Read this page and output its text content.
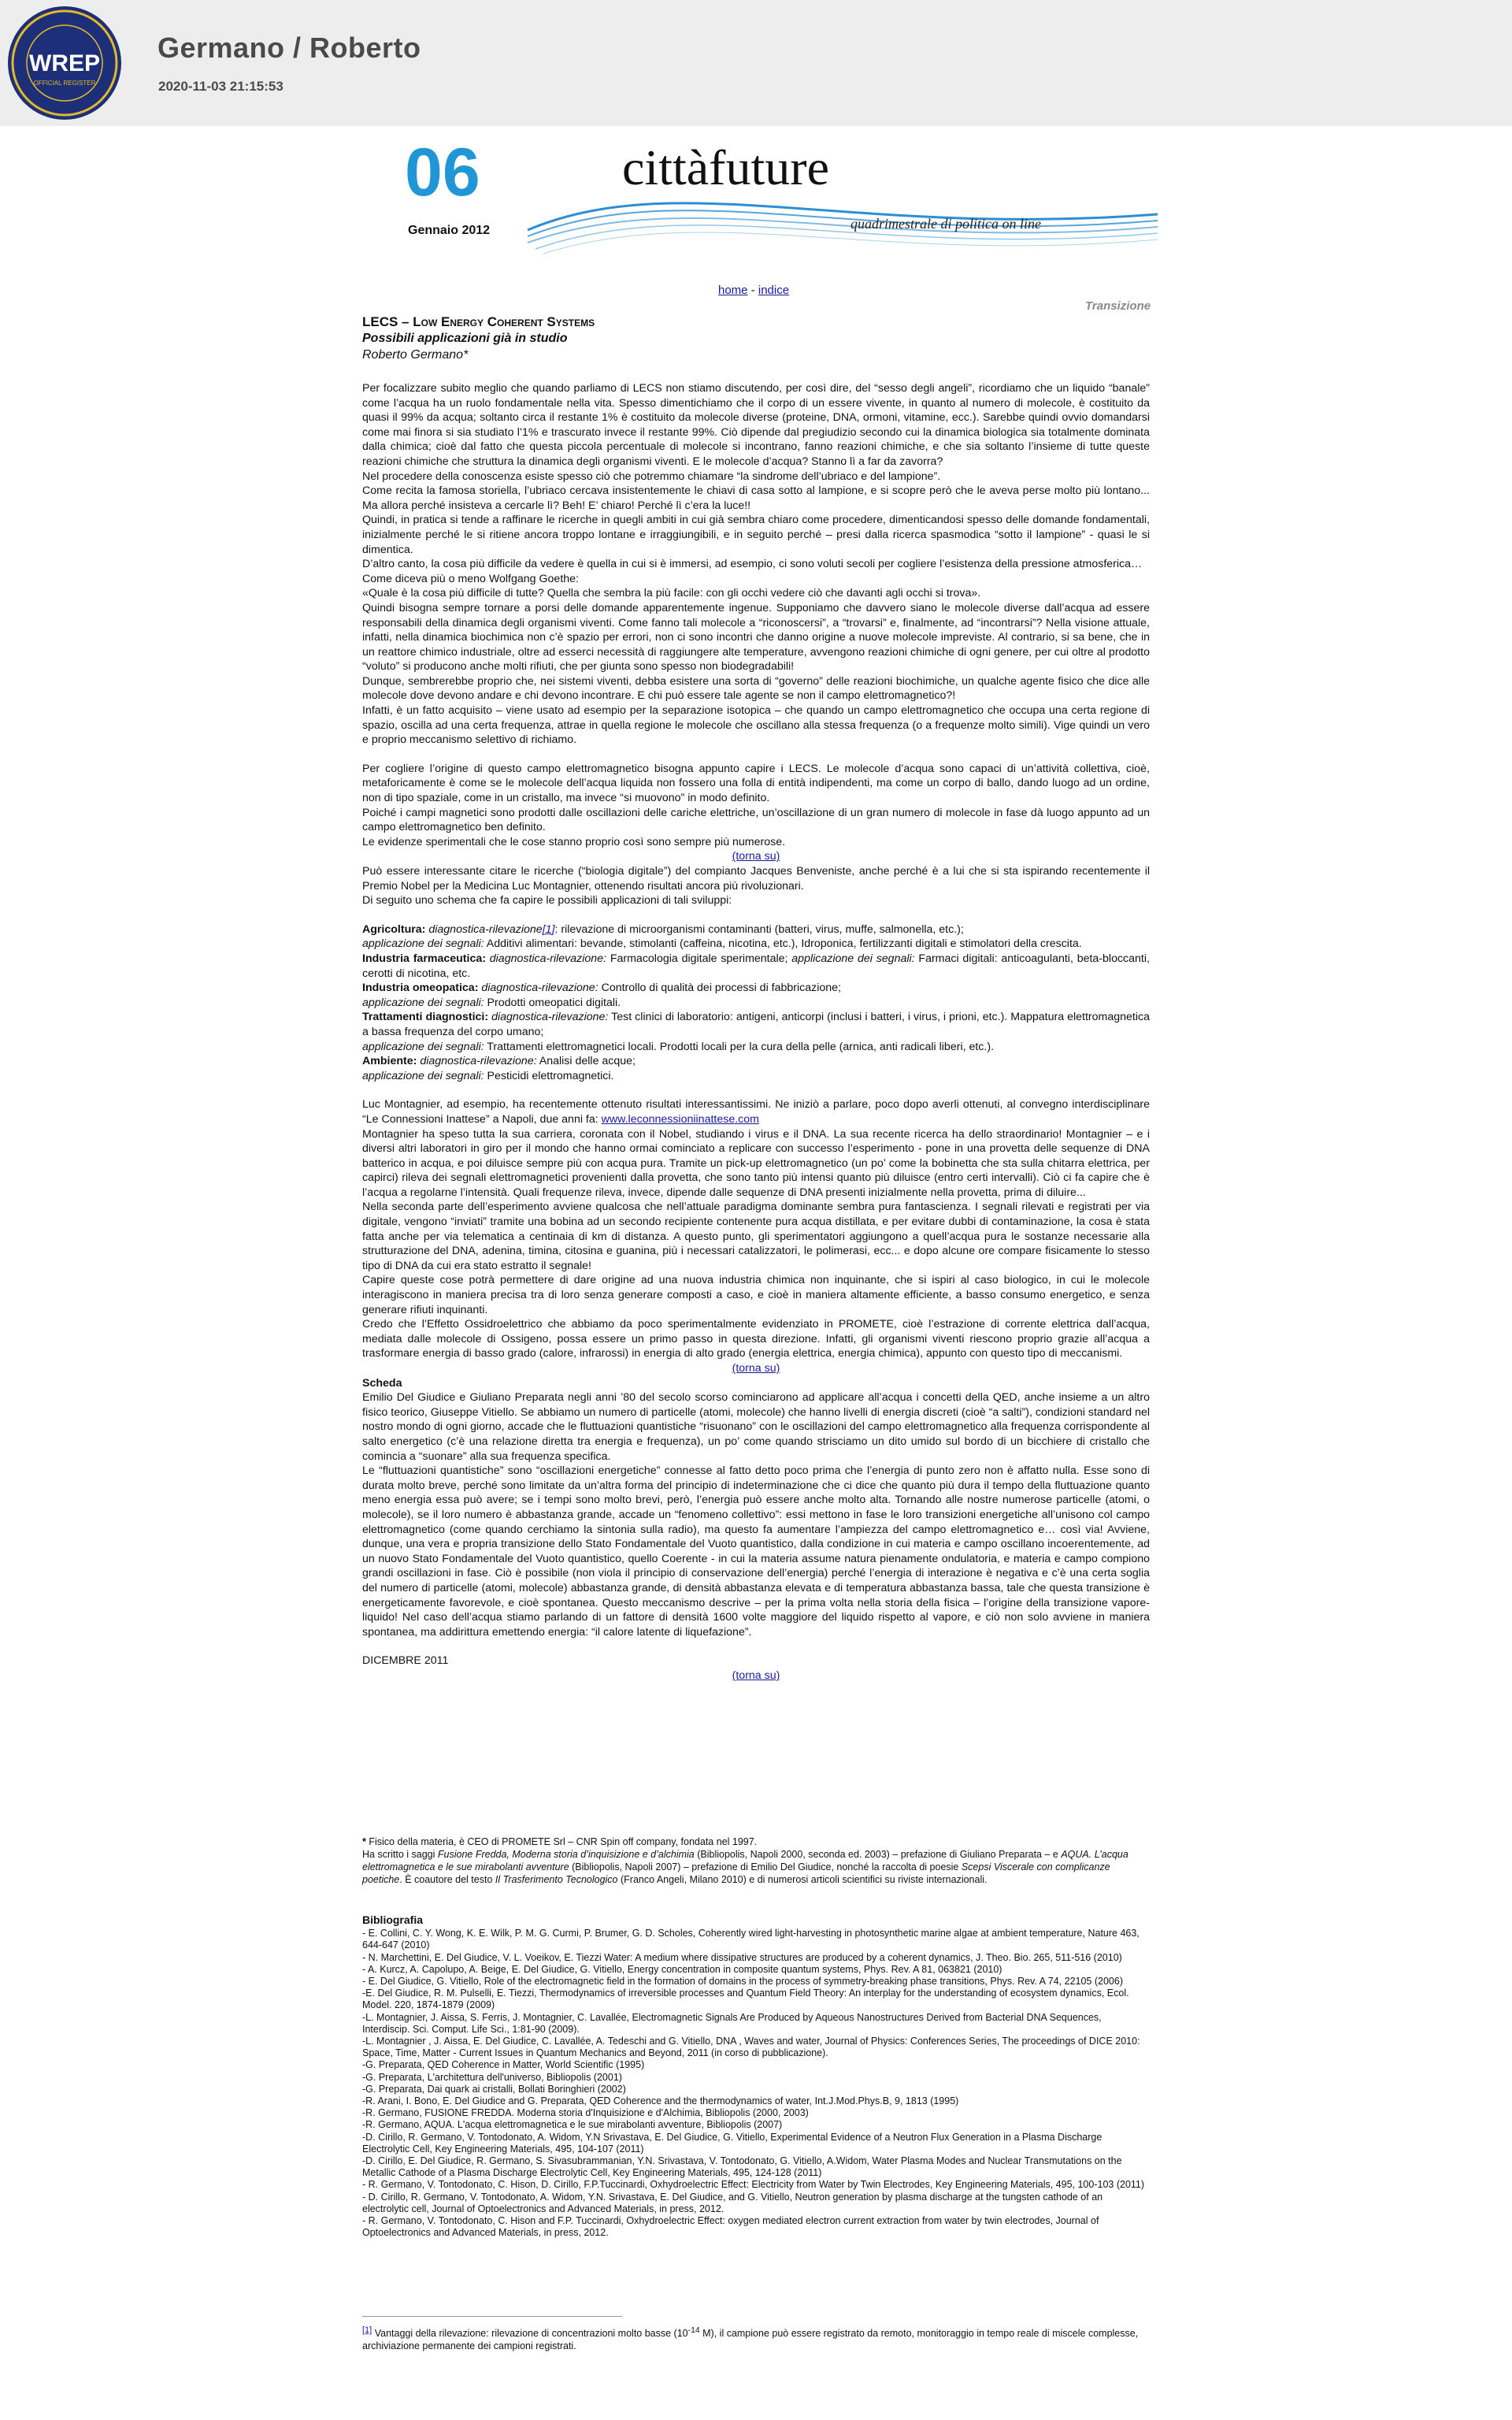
WREP
OFFICIAL REGISTER
Germano / Roberto
2020-11-03 21:15:53
06
Gennaio 2012
cittàfuture
quadrimestrale di politica on line
home - indice
Transizione
LECS – Low Energy Coherent Systems
Possibili applicazioni già in studio
Roberto Germano*

Per focalizzare subito meglio che quando parliamo di LECS non stiamo discutendo, per così dire, del “sesso degli angeli”, ricordiamo che un liquido “banale” come l’acqua ha un ruolo fondamentale nella vita. Spesso dimentichiamo che il corpo di un essere vivente, in quanto al numero di molecole, è costituito da quasi il 99% da acqua; soltanto circa il restante 1% è costituito da molecole diverse (proteine, DNA, ormoni, vitamine, ecc.). Sarebbe quindi ovvio domandarsi come mai finora si sia studiato l’1% e trascurato invece il restante 99%. Ciò dipende dal pregiudizio secondo cui la dinamica biologica sia totalmente dominata dalla chimica; cioè dal fatto che questa piccola percentuale di molecole si incontrano, fanno reazioni chimiche, e che sia soltanto l’insieme di tutte queste reazioni chimiche che struttura la dinamica degli organismi viventi. E le molecole d’acqua? Stanno lì a far da zavorra?

Nel procedere della conoscenza esiste spesso ciò che potremmo chiamare “la sindrome dell’ubriaco e del lampione”.

Come recita la famosa storiella, l’ubriaco cercava insistentemente le chiavi di casa sotto al lampione, e si scopre però che le aveva perse molto più lontano... Ma allora perché insisteva a cercarle lì? Beh! E’ chiaro! Perché lì c’era la luce!!

Quindi, in pratica si tende a raffinare le ricerche in quegli ambiti in cui già sembra chiaro come procedere, dimenticandosi spesso delle domande fondamentali, inizialmente perché le si ritiene ancora troppo lontane e irraggiungibili, e in seguito perché – presi dalla ricerca spasmodica “sotto il lampione” - quasi le si dimentica.

D’altro canto, la cosa più difficile da vedere è quella in cui si è immersi, ad esempio, ci sono voluti secoli per cogliere l’esistenza della pressione atmosferica…

Come diceva più o meno Wolfgang Goethe:

«Quale è la cosa più difficile di tutte? Quella che sembra la più facile: con gli occhi vedere ciò che davanti agli occhi si trova».

Quindi bisogna sempre tornare a porsi delle domande apparentemente ingenue. Supponiamo che davvero siano le molecole diverse dall’acqua ad essere responsabili della dinamica degli organismi viventi. Come fanno tali molecole a “riconoscersi”, a “trovarsi” e, finalmente, ad “incontrarsi”? Nella visione attuale, infatti, nella dinamica biochimica non c’è spazio per errori, non ci sono incontri che danno origine a nuove molecole impreviste. Al contrario, si sa bene, che in un reattore chimico industriale, oltre ad esserci necessità di raggiungere alte temperature, avvengono reazioni chimiche di ogni genere, per cui oltre al prodotto “voluto” si producono anche molti rifiuti, che per giunta sono spesso non biodegradabili!

Dunque, sembrerebbe proprio che, nei sistemi viventi, debba esistere una sorta di “governo” delle reazioni biochimiche, un qualche agente fisico che dice alle molecole dove devono andare e chi devono incontrare. E chi può essere tale agente se non il campo elettromagnetico?!

Infatti, è un fatto acquisito – viene usato ad esempio per la separazione isotopica – che quando un campo elettromagnetico che occupa una certa regione di spazio, oscilla ad una certa frequenza, attrae in quella regione le molecole che oscillano alla stessa frequenza (o a frequenze molto simili). Vige quindi un vero e proprio meccanismo selettivo di richiamo.

Per cogliere l’origine di questo campo elettromagnetico bisogna appunto capire i LECS. Le molecole d’acqua sono capaci di un’attività collettiva, cioè, metaforicamente è come se le molecole dell’acqua liquida non fossero una folla di entità indipendenti, ma come un corpo di ballo, dando luogo ad un ordine, non di tipo spaziale, come in un cristallo, ma invece “si muovono” in modo definito.

Poiché i campi magnetici sono prodotti dalle oscillazioni delle cariche elettriche, un’oscillazione di un gran numero di molecole in fase dà luogo appunto ad un campo elettromagnetico ben definito.

Le evidenze sperimentali che le cose stanno proprio così sono sempre più numerose.

(torna su)

Può essere interessante citare le ricerche (“biologia digitale”) del compianto Jacques Benveniste, anche perché è a lui che si sta ispirando recentemente il Premio Nobel per la Medicina Luc Montagnier, ottenendo risultati ancora più rivoluzionari.

Di seguito uno schema che fa capire le possibili applicazioni di tali sviluppi:

Agricoltura: diagnostica-rilevazione[1]: rilevazione di microorganismi contaminanti (batteri, virus, muffe, salmonella, etc.);
applicazione dei segnali: Additivi alimentari: bevande, stimolanti (caffeina, nicotina, etc.), Idroponica, fertilizzanti digitali e stimolatori della crescita.

Industria farmaceutica: diagnostica-rilevazione: Farmacologia digitale sperimentale; applicazione dei segnali: Farmaci digitali: anticoagulanti, beta-bloccanti, cerotti di nicotina, etc.

Industria omeopatica: diagnostica-rilevazione: Controllo di qualità dei processi di fabbricazione;
applicazione dei segnali: Prodotti omeopatici digitali.

Trattamenti diagnostici: diagnostica-rilevazione: Test clinici di laboratorio: antigeni, anticorpi (inclusi i batteri, i virus, i prioni, etc.). Mappatura elettromagnetica a bassa frequenza del corpo umano;
applicazione dei segnali: Trattamenti elettromagnetici locali. Prodotti locali per la cura della pelle (arnica, anti radicali liberi, etc.).

Ambiente: diagnostica-rilevazione: Analisi delle acque;
applicazione dei segnali: Pesticidi elettromagnetici.

Luc Montagnier, ad esempio, ha recentemente ottenuto risultati interessantissimi. Ne iniziò a parlare, poco dopo averli ottenuti, al convegno interdisciplinare “Le Connessioni Inattese” a Napoli, due anni fa: www.leconnessioniinattese.com

Montagnier ha speso tutta la sua carriera, coronata con il Nobel, studiando i virus e il DNA. La sua recente ricerca ha dello straordinario! Montagnier – e i diversi altri laboratori in giro per il mondo che hanno ormai cominciato a replicare con successo l’esperimento - pone in una provetta delle sequenze di DNA batterico in acqua, e poi diluisce sempre più con acqua pura. Tramite un pick-up elettromagnetico (un po’ come la bobinetta che sta sulla chitarra elettrica, per capirci) rileva dei segnali elettromagnetici provenienti dalla provetta, che sono tanto più intensi quanto più diluisce (entro certi intervalli). Ciò ci fa capire che è l’acqua a regolarne l’intensità. Quali frequenze rileva, invece, dipende dalle sequenze di DNA presenti inizialmente nella provetta, prima di diluire...

Nella seconda parte dell’esperimento avviene qualcosa che nell’attuale paradigma dominante sembra pura fantascienza. I segnali rilevati e registrati per via digitale, vengono “inviati” tramite una bobina ad un secondo recipiente contenente pura acqua distillata, e per evitare dubbi di contaminazione, la cosa è stata fatta anche per via telematica a centinaia di km di distanza. A questo punto, gli sperimentatori aggiungono a quell’acqua pura le sostanze necessarie alla strutturazione del DNA, adenina, timina, citosina e guanina, più i necessari catalizzatori, le polimerasi, ecc... e dopo alcune ore compare fisicamente lo stesso tipo di DNA da cui era stato estratto il segnale!

Capire queste cose potrà permettere di dare origine ad una nuova industria chimica non inquinante, che si ispiri al caso biologico, in cui le molecole interagiscono in maniera precisa tra di loro senza generare composti a caso, e cioè in maniera altamente efficiente, a basso consumo energetico, e senza generare rifiuti inquinanti.

Credo che l’Effetto Ossidroelettrico che abbiamo da poco sperimentalmente evidenziato in PROMETE, cioè l’estrazione di corrente elettrica dall’acqua, mediata dalle molecole di Ossigeno, possa essere un primo passo in questa direzione. Infatti, gli organismi viventi riescono proprio grazie all’acqua a trasformare energia di basso grado (calore, infrarossi) in energia di alto grado (energia elettrica, energia chimica), appunto con questo tipo di meccanismi.

(torna su)

Scheda

Emilio Del Giudice e Giuliano Preparata negli anni ’80 del secolo scorso cominciarono ad applicare all’acqua i concetti della QED, anche insieme a un altro fisico teorico, Giuseppe Vitiello. Se abbiamo un numero di particelle (atomi, molecole) che hanno livelli di energia discreti (cioè “a salti”), condizioni standard nel nostro mondo di ogni giorno, accade che le fluttuazioni quantistiche “risuonano” con le oscillazioni del campo elettromagnetico alla frequenza corrispondente al salto energetico (c’è una relazione diretta tra energia e frequenza), un po’ come quando strisciamo un dito umido sul bordo di un bicchiere di cristallo che comincia a “suonare” alla sua frequenza specifica.

Le “fluttuazioni quantistiche” sono “oscillazioni energetiche” connesse al fatto detto poco prima che l’energia di punto zero non è affatto nulla. Esse sono di durata molto breve, perché sono limitate da un’altra forma del principio di indeterminazione che ci dice che quanto più dura il tempo della fluttuazione quanto meno energia essa può avere; se i tempi sono molto brevi, però, l’energia può essere anche molto alta. Tornando alle nostre numerose particelle (atomi, o molecole), se il loro numero è abbastanza grande, accade un “fenomeno collettivo”: essi mettono in fase le loro transizioni energetiche all’unisono col campo elettromagnetico (come quando cerchiamo la sintonia sulla radio), ma questo fa aumentare l’ampiezza del campo elettromagnetico e… così via! Avviene, dunque, una vera e propria transizione dello Stato Fondamentale del Vuoto quantistico, dalla condizione in cui materia e campo oscillano incoerentemente, ad un nuovo Stato Fondamentale del Vuoto quantistico, quello Coerente - in cui la materia assume natura pienamente ondulatoria, e materia e campo compiono grandi oscillazioni in fase. Ciò è possibile (non viola il principio di conservazione dell’energia) perché l’energia di interazione è negativa e c’è una certa soglia del numero di particelle (atomi, molecole) abbastanza grande, di densità abbastanza elevata e di temperatura abbastanza bassa, tale che questa transizione è energeticamente favorevole, e cioè spontanea. Questo meccanismo descrive – per la prima volta nella storia della fisica – l’origine della transizione vapore-liquido! Nel caso dell’acqua stiamo parlando di un fattore di densità 1600 volte maggiore del liquido rispetto al vapore, e ciò non solo avviene in maniera spontanea, ma addirittura emettendo energia: “il calore latente di liquefazione”.

DICEMBRE 2011

(torna su)

* Fisico della materia, è CEO di PROMETE Srl – CNR Spin off company, fondata nel 1997.
Ha scritto i saggi Fusione Fredda, Moderna storia d’inquisizione e d’alchimia (Bibliopolis, Napoli 2000, seconda ed. 2003) – prefazione di Giuliano Preparata – e AQUA. L’acqua elettromagnetica e le sue mirabolanti avventure (Bibliopolis, Napoli 2007) – prefazione di Emilio Del Giudice, nonché la raccolta di poesie Scepsi Viscerale con complicanze poetiche. È coautore del testo Il Trasferimento Tecnologico (Franco Angeli, Milano 2010) e di numerosi articoli scientifici su riviste internazionali.

Bibliografia

- E. Collini, C. Y. Wong, K. E. Wilk, P. M. G. Curmi, P. Brumer, G. D. Scholes, Coherently wired light-harvesting in photosynthetic marine algae at ambient temperature, Nature 463, 644-647 (2010)

- N. Marchettini, E. Del Giudice, V. L. Voeikov, E. Tiezzi Water: A medium where dissipative structures are produced by a coherent dynamics, J. Theo. Bio. 265, 511-516 (2010)

- A. Kurcz, A. Capolupo, A. Beige, E. Del Giudice, G. Vitiello, Energy concentration in composite quantum systems, Phys. Rev. A 81, 063821 (2010)

- E. Del Giudice, G. Vitiello, Role of the electromagnetic field in the formation of domains in the process of symmetry-breaking phase transitions, Phys. Rev. A 74, 22105 (2006)

-E. Del Giudice, R. M. Pulselli, E. Tiezzi, Thermodynamics of irreversible processes and Quantum Field Theory: An interplay for the understanding of ecosystem dynamics, Ecol. Model. 220, 1874-1879 (2009)

-L. Montagnier, J. Aissa, S. Ferris, J. Montagnier, C. Lavallée, Electromagnetic Signals Are Produced by Aqueous Nanostructures Derived from Bacterial DNA Sequences, Interdiscip. Sci. Comput. Life Sci., 1:81-90 (2009).

-L. Montagnier , J. Aissa, E. Del Giudice, C. Lavallée, A. Tedeschi and G. Vitiello, DNA , Waves and water, Journal of Physics: Conferences Series, The proceedings of DICE 2010: Space, Time, Matter - Current Issues in Quantum Mechanics and Beyond, 2011 (in corso di pubblicazione).

-G. Preparata, QED Coherence in Matter, World Scientific (1995)

-G. Preparata, L'architettura dell'universo, Bibliopolis (2001)

-G. Preparata, Dai quark ai cristalli, Bollati Boringhieri (2002)

-R. Arani, I. Bono, E. Del Giudice and G. Preparata, QED Coherence and the thermodynamics of water, Int.J.Mod.Phys.B, 9, 1813 (1995)

-R. Germano, FUSIONE FREDDA. Moderna storia d'Inquisizione e d'Alchimia, Bibliopolis (2000, 2003)

-R. Germano, AQUA. L'acqua elettromagnetica e le sue mirabolanti avventure, Bibliopolis (2007)

-D. Cirillo, R. Germano, V. Tontodonato, A. Widom, Y.N Srivastava, E. Del Giudice, G. Vitiello, Experimental Evidence of a Neutron Flux Generation in a Plasma Discharge Electrolytic Cell, Key Engineering Materials, 495, 104-107 (2011)

-D. Cirillo, E. Del Giudice, R. Germano, S. Sivasubrammanian, Y.N. Srivastava, V. Tontodonato, G. Vitiello, A.Widom, Water Plasma Modes and Nuclear Transmutations on the Metallic Cathode of a Plasma Discharge Electrolytic Cell, Key Engineering Materials, 495, 124-128 (2011)

- R. Germano, V. Tontodonato, C. Hison, D. Cirillo, F.P.Tuccinardi, Oxhydroelectric Effect: Electricity from Water by Twin Electrodes, Key Engineering Materials, 495, 100-103 (2011)

- D. Cirillo, R. Germano, V. Tontodonato, A. Widom, Y.N. Srivastava, E. Del Giudice, and G. Vitiello, Neutron generation by plasma discharge at the tungsten cathode of an electrolytic cell, Journal of Optoelectronics and Advanced Materials, in press, 2012.

- R. Germano, V. Tontodonato, C. Hison and F.P. Tuccinardi, Oxhydroelectric Effect: oxygen mediated electron current extraction from water by twin electrodes, Journal of Optoelectronics and Advanced Materials, in press, 2012.

[1] Vantaggi della rilevazione: rilevazione di concentrazioni molto basse ($10^{-14}$ M), il campione può essere registrato da remoto, monitoraggio in tempo reale di miscele complesse, archiviazione permanente dei campioni registrati.
